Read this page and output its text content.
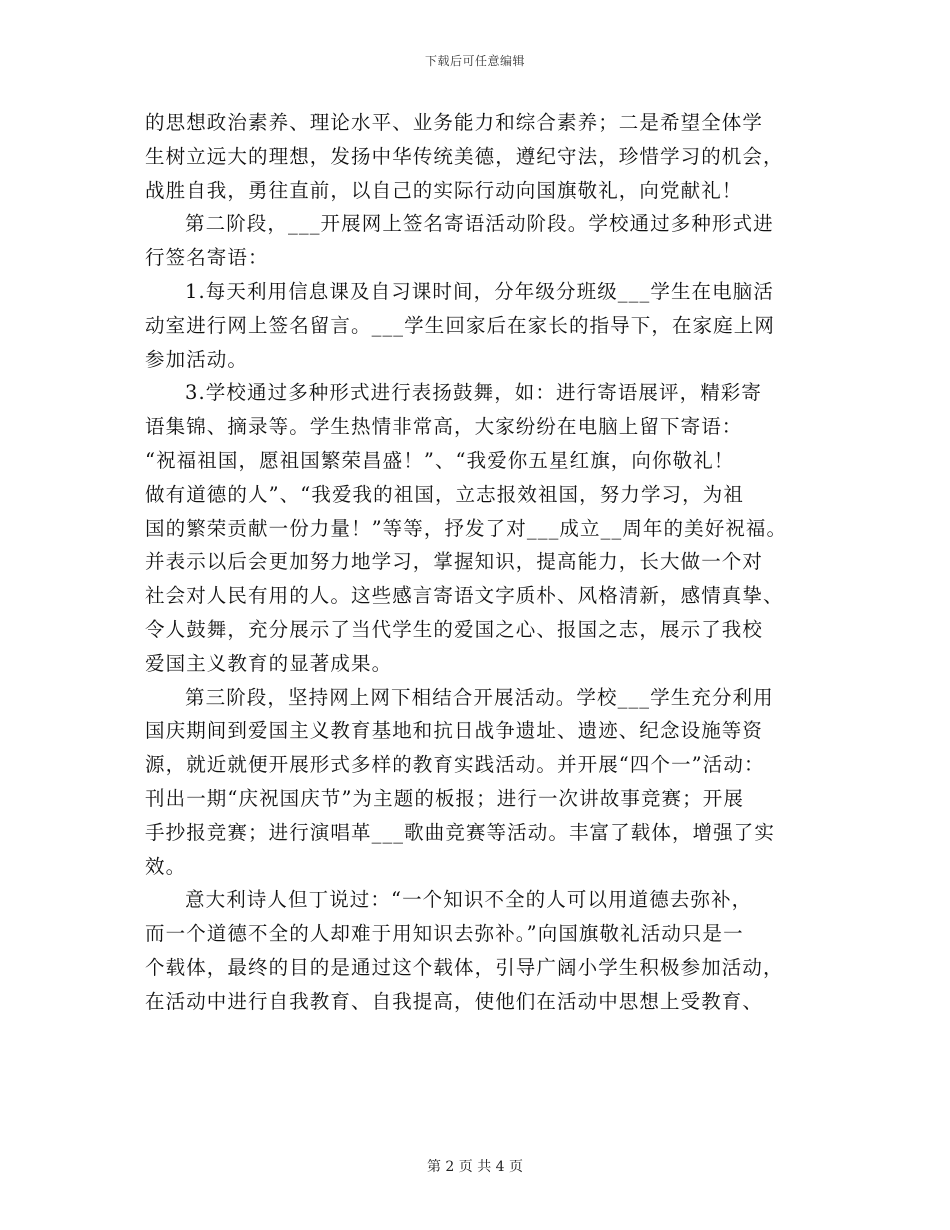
下载后可任意编辑
的思想政治素养、理论水平、业务能力和综合素养；二是希望全体学
生树立远大的理想，发扬中华传统美德，遵纪守法，珍惜学习的机会，
战胜自我，勇往直前，以自己的实际行动向国旗敬礼，向党献礼！
第二阶段，___开展网上签名寄语活动阶段。学校通过多种形式进
行签名寄语：
1.每天利用信息课及自习课时间，分年级分班级___学生在电脑活
动室进行网上签名留言。___学生回家后在家长的指导下，在家庭上网
参加活动。
3.学校通过多种形式进行表扬鼓舞，如：进行寄语展评，精彩寄
语集锦、摘录等。学生热情非常高，大家纷纷在电脑上留下寄语：
“祝福祖国，愿祖国繁荣昌盛！”、“我爱你五星红旗，向你敬礼！
做有道德的人”、“我爱我的祖国，立志报效祖国，努力学习，为祖
国的繁荣贡献一份力量！”等等，抒发了对___成立__周年的美好祝福。
并表示以后会更加努力地学习，掌握知识，提高能力，长大做一个对
社会对人民有用的人。这些感言寄语文字质朴、风格清新，感情真挚、
令人鼓舞，充分展示了当代学生的爱国之心、报国之志，展示了我校
爱国主义教育的显著成果。
第三阶段，坚持网上网下相结合开展活动。学校___学生充分利用
国庆期间到爱国主义教育基地和抗日战争遗址、遗迹、纪念设施等资
源，就近就便开展形式多样的教育实践活动。并开展“四个一”活动：
刊出一期“庆祝国庆节”为主题的板报；进行一次讲故事竞赛；开展
手抄报竞赛；进行演唱革___歌曲竞赛等活动。丰富了载体，增强了实
效。
意大利诗人但丁说过：“一个知识不全的人可以用道德去弥补，
而一个道德不全的人却难于用知识去弥补。”向国旗敬礼活动只是一
个载体，最终的目的是通过这个载体，引导广阔小学生积极参加活动，
在活动中进行自我教育、自我提高，使他们在活动中思想上受教育、
第 2 页 共 4 页
